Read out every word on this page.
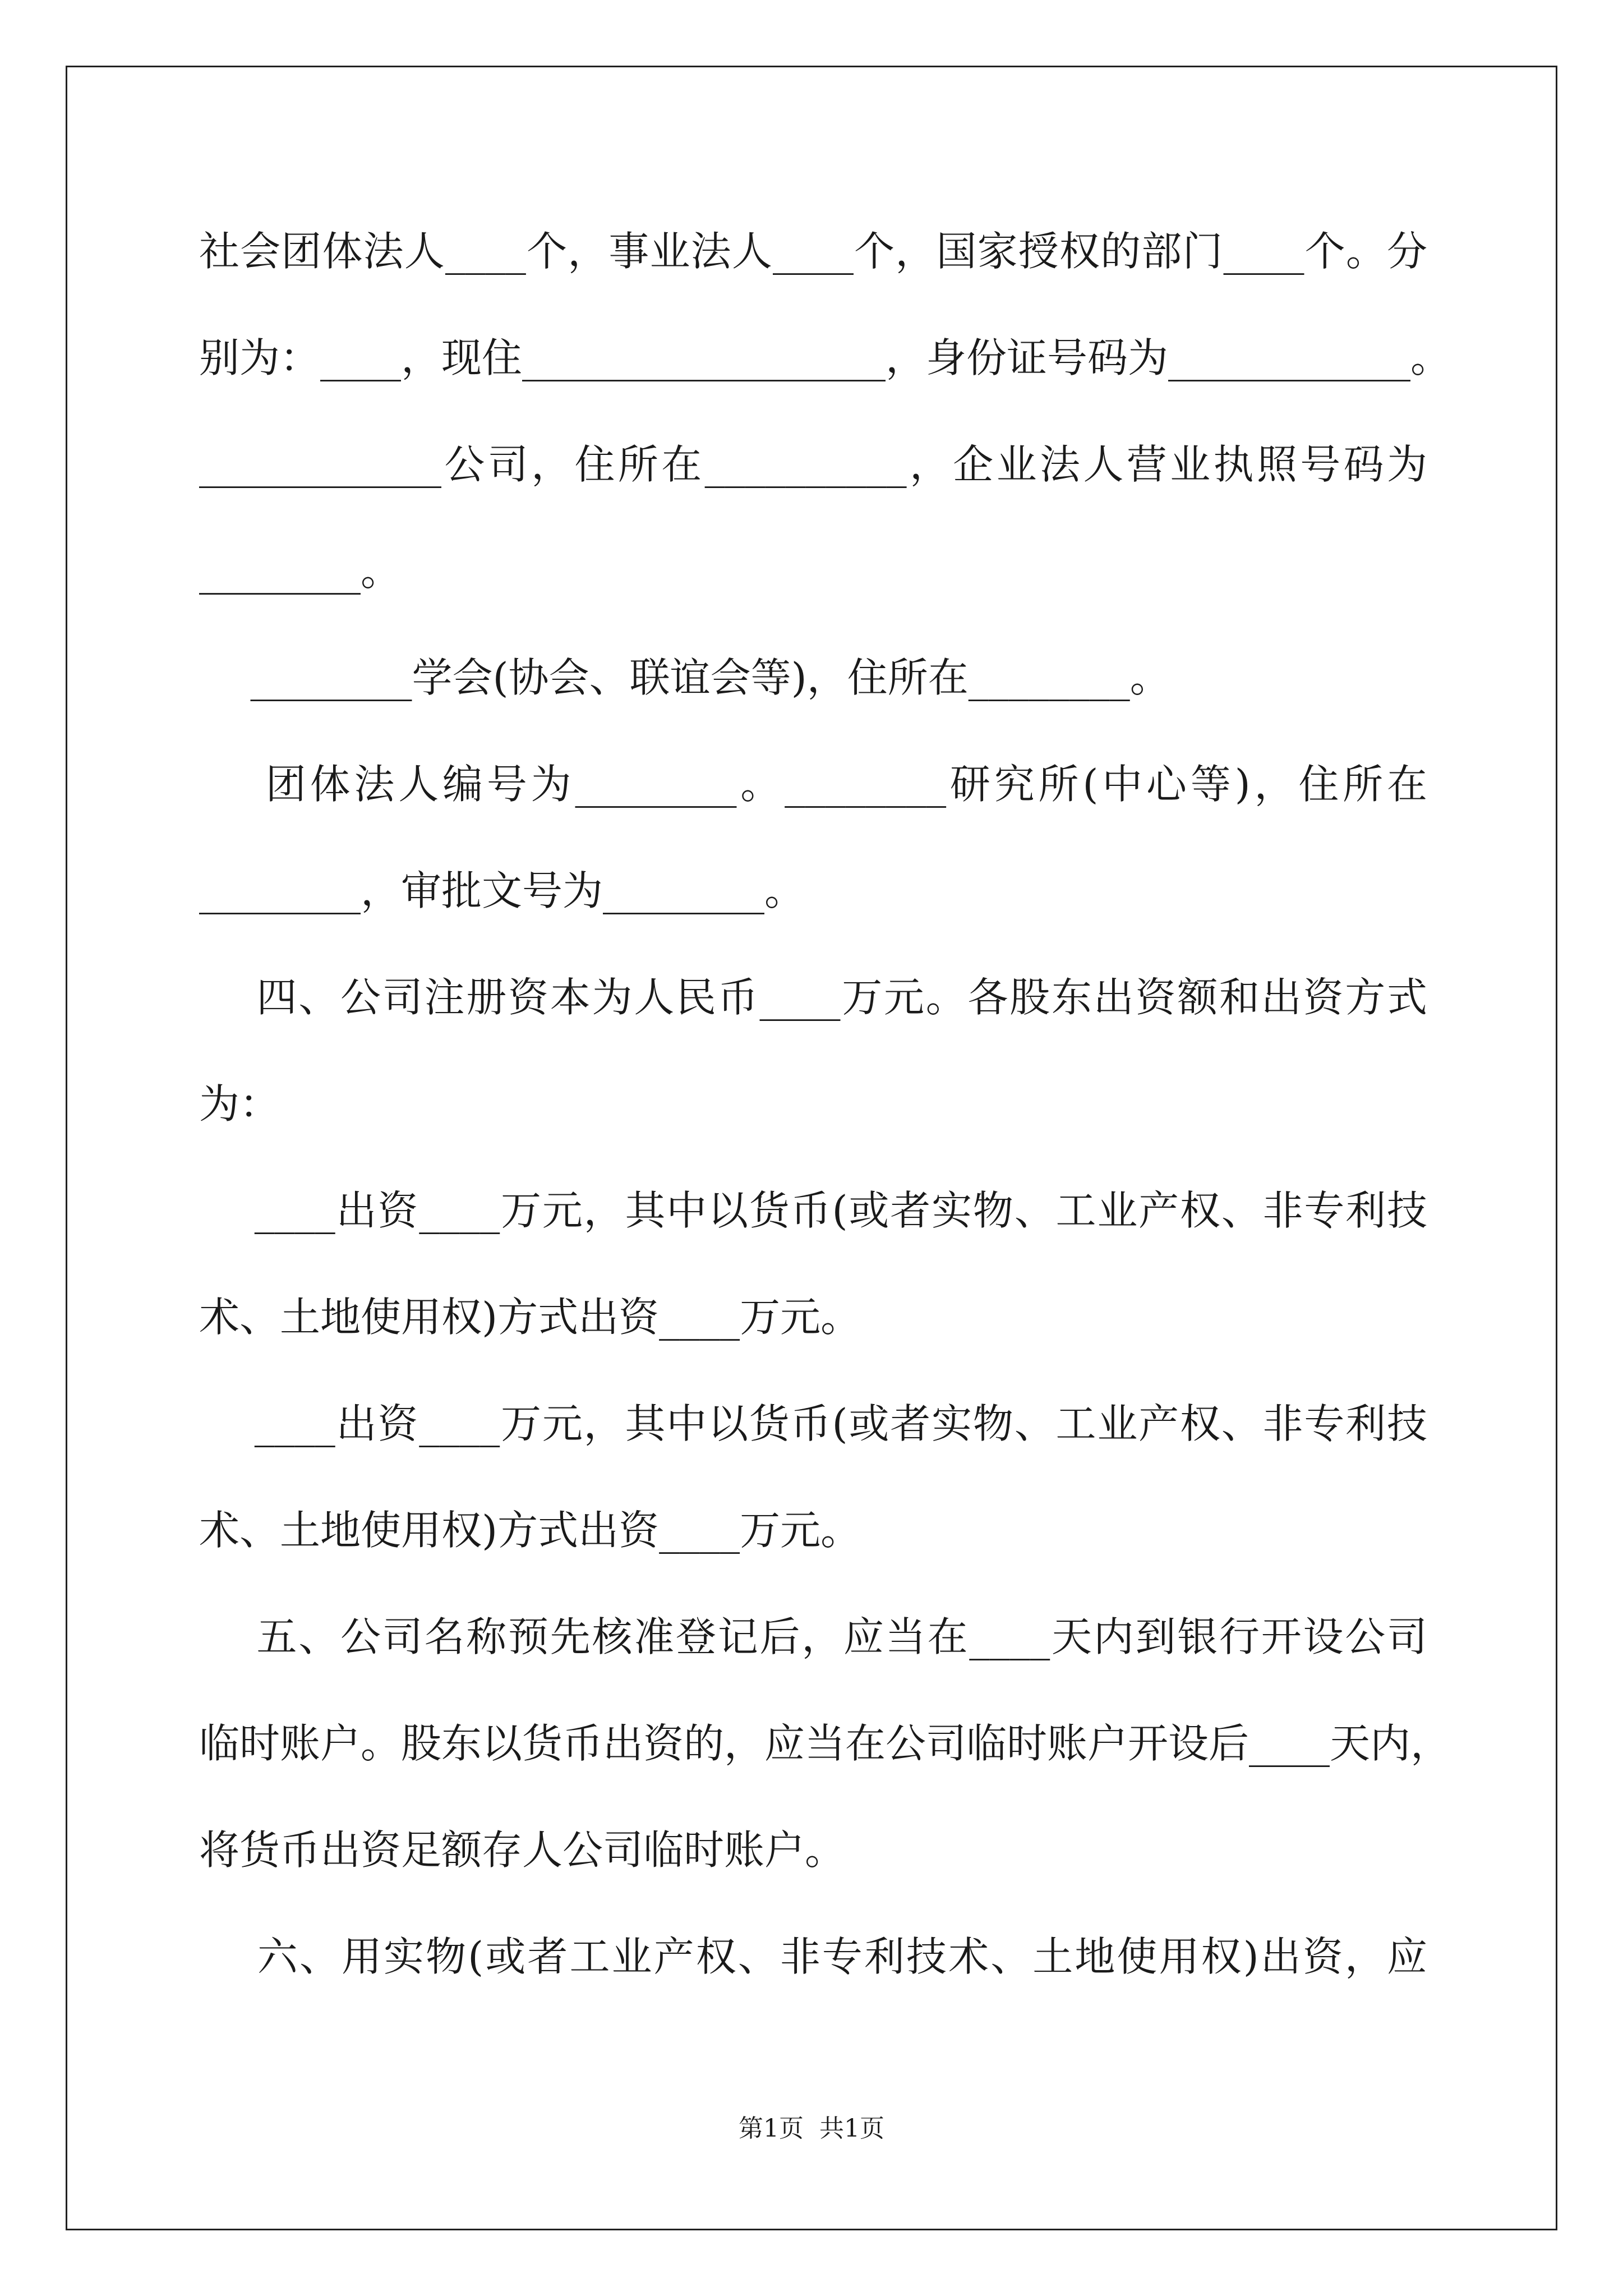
社会团体法人____个，事业法人____个，国家授权的部门____个。分
别为：____，现住__________________，身份证号码为____________。
____________公司，住所在__________，企业法人营业执照号码为
________。
________学会(协会、联谊会等)，住所在________。
团体法人编号为________。________研究所(中心等)，住所在
________，审批文号为________。
四、公司注册资本为人民币____万元。各股东出资额和出资方式
为：
____出资____万元，其中以货币(或者实物、工业产权、非专利技
术、土地使用权)方式出资____万元。
____出资____万元，其中以货币(或者实物、工业产权、非专利技
术、土地使用权)方式出资____万元。
五、公司名称预先核准登记后，应当在____天内到银行开设公司
临时账户。股东以货币出资的，应当在公司临时账户开设后____天内，
将货币出资足额存人公司临时账户。
六、用实物(或者工业产权、非专利技术、土地使用权)出资，应
第1页  共1页
